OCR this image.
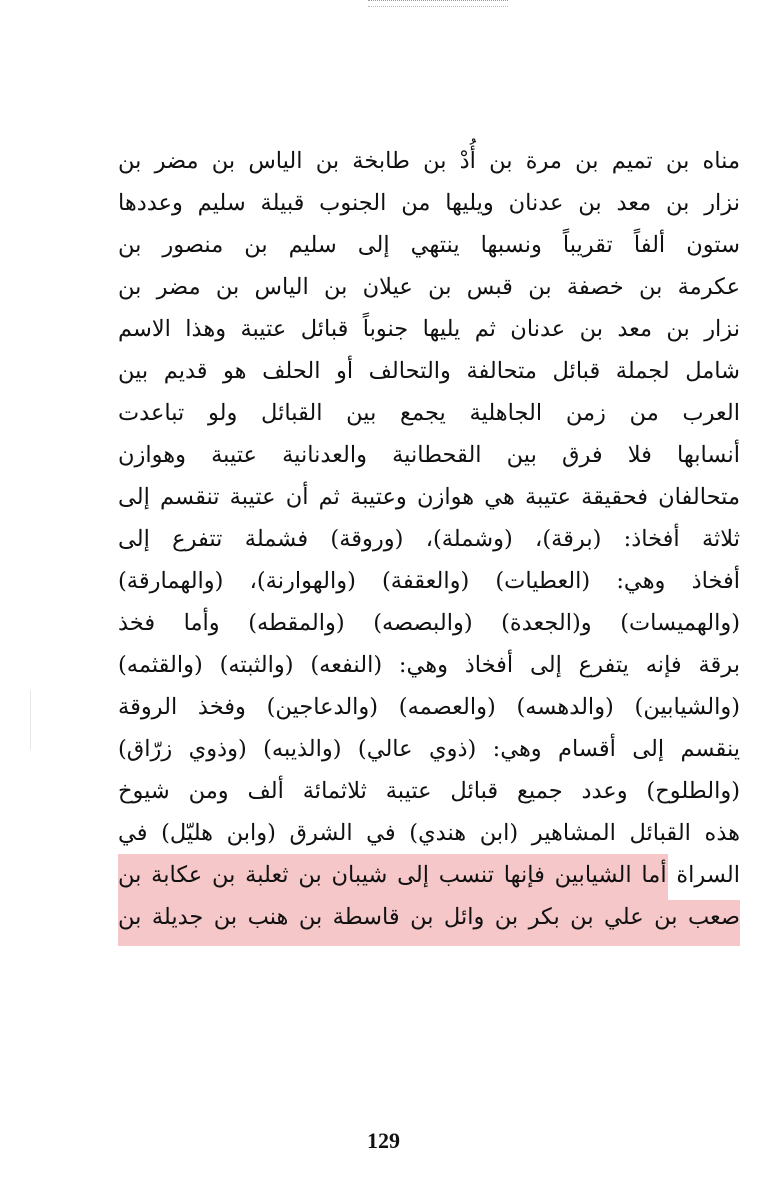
مناه بن تميم بن مرة بن أُدْ بن طابخة بن الياس بن مضر بن
نزار بن معد بن عدنان ويليها من الجنوب قبيلة سليم وعددها
ستون ألفاً تقريباً ونسبها ينتهي إلى سليم بن منصور بن
عكرمة بن خصفة بن قبس بن عيلان بن الياس بن مضر بن
نزار بن معد بن عدنان ثم يليها جنوباً قبائل عتيبة وهذا الاسم
شامل لجملة قبائل متحالفة والتحالف أو الحلف هو قديم بين
العرب من زمن الجاهلية يجمع بين القبائل ولو تباعدت
أنسابها فلا فرق بين القحطانية والعدنانية عتيبة وهوازن
متحالفان فحقيقة عتيبة هي هوازن وعتيبة ثم أن عتيبة تنقسم إلى
ثلاثة أفخاذ: (برقة)، (وشملة)، (وروقة) فشملة تتفرع إلى
أفخاذ وهي: (العطيات) (والعقفة) (والهوارنة)، (والهمارقة)
(والهميسات) و(الجعدة) (والبصصه) (والمقطه) وأما فخذ
برقة فإنه يتفرع إلى أفخاذ وهي: (النفعه) (والثبته) (والقثمه)
(والشيابين) (والدهسه) (والعصمه) (والدعاجين) وفخذ الروقة
ينقسم إلى أقسام وهي: (ذوي عالي) (والذيبه) (وذوي زرّاق)
(والطلوح) وعدد جميع قبائل عتيبة ثلاثمائة ألف ومن شيوخ
هذه القبائل المشاهير (ابن هندي) في الشرق (وابن هليّل) في
السراة أما الشيابين فإنها تنسب إلى شيبان بن ثعلبة بن عكابة بن
صعب بن علي بن بكر بن وائل بن قاسطة بن هنب بن جديلة بن
129
